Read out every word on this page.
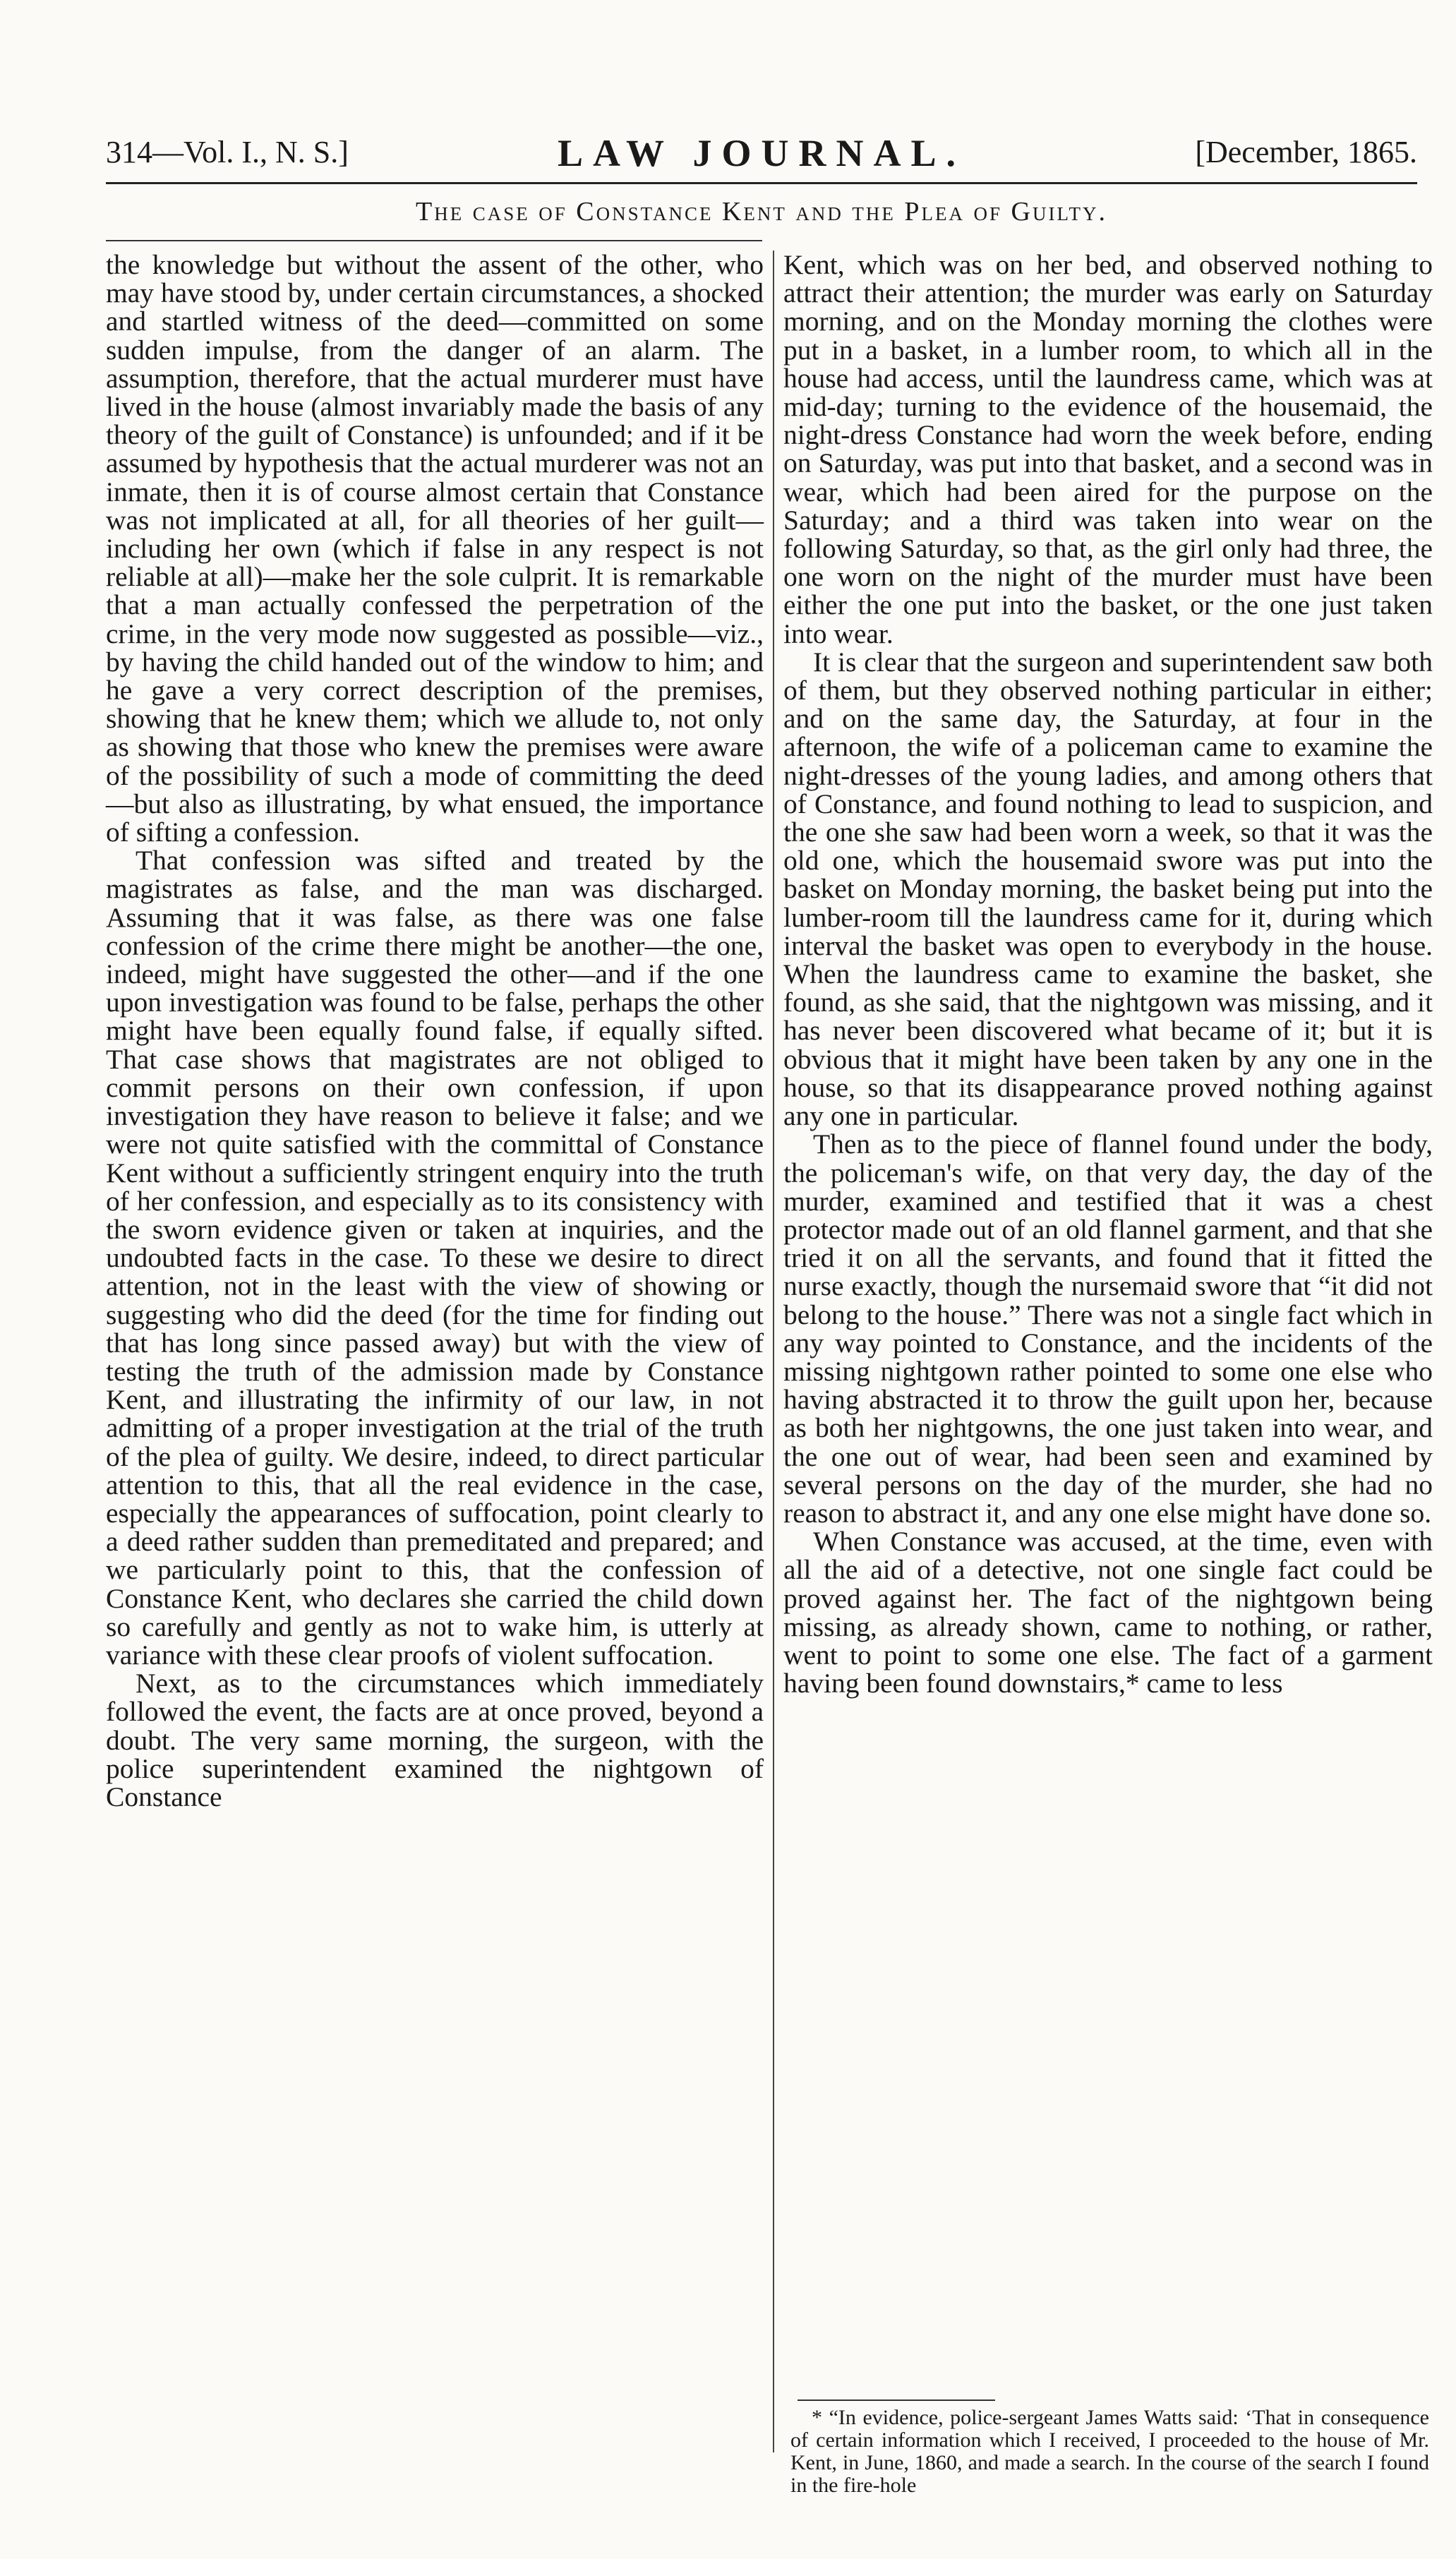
314—Vol. I., N. S.]	LAW JOURNAL.	[December, 1865.
The case of Constance Kent and the Plea of Guilty.

the knowledge but without the assent of the other, who may have stood by, under certain circumstances, a shocked and startled witness of the deed—committed on some sudden impulse, from the danger of an alarm. The assumption, therefore, that the actual murderer must have lived in the house (almost invariably made the basis of any theory of the guilt of Constance) is unfounded; and if it be assumed by hypothesis that the actual murderer was not an inmate, then it is of course almost certain that Constance was not implicated at all, for all theories of her guilt—including her own (which if false in any respect is not reliable at all)—make her the sole culprit. It is remarkable that a man actually confessed the perpetration of the crime, in the very mode now suggested as possible—viz., by having the child handed out of the window to him; and he gave a very correct description of the premises, showing that he knew them; which we allude to, not only as showing that those who knew the premises were aware of the possibility of such a mode of committing the deed—but also as illustrating, by what ensued, the importance of sifting a confession.

That confession was sifted and treated by the magistrates as false, and the man was discharged. Assuming that it was false, as there was one false confession of the crime there might be another—the one, indeed, might have suggested the other—and if the one upon investigation was found to be false, perhaps the other might have been equally found false, if equally sifted. That case shows that magistrates are not obliged to commit persons on their own confession, if upon investigation they have reason to believe it false; and we were not quite satisfied with the committal of Constance Kent without a sufficiently stringent enquiry into the truth of her confession, and especially as to its consistency with the sworn evidence given or taken at inquiries, and the undoubted facts in the case. To these we desire to direct attention, not in the least with the view of showing or suggesting who did the deed (for the time for finding out that has long since passed away) but with the view of testing the truth of the admission made by Constance Kent, and illustrating the infirmity of our law, in not admitting of a proper investigation at the trial of the truth of the plea of guilty. We desire, indeed, to direct particular attention to this, that all the real evidence in the case, especially the appearances of suffocation, point clearly to a deed rather sudden than premeditated and prepared; and we particularly point to this, that the confession of Constance Kent, who declares she carried the child down so carefully and gently as not to wake him, is utterly at variance with these clear proofs of violent suffocation.

Next, as to the circumstances which immediately followed the event, the facts are at once proved, beyond a doubt. The very same morning, the surgeon, with the police superintendent examined the nightgown of Constance

Kent, which was on her bed, and observed nothing to attract their attention; the murder was early on Saturday morning, and on the Monday morning the clothes were put in a basket, in a lumber room, to which all in the house had access, until the laundress came, which was at mid-day; turning to the evidence of the housemaid, the night-dress Constance had worn the week before, ending on Saturday, was put into that basket, and a second was in wear, which had been aired for the purpose on the Saturday; and a third was taken into wear on the following Saturday, so that, as the girl only had three, the one worn on the night of the murder must have been either the one put into the basket, or the one just taken into wear.

It is clear that the surgeon and superintendent saw both of them, but they observed nothing particular in either; and on the same day, the Saturday, at four in the afternoon, the wife of a policeman came to examine the night-dresses of the young ladies, and among others that of Constance, and found nothing to lead to suspicion, and the one she saw had been worn a week, so that it was the old one, which the housemaid swore was put into the basket on Monday morning, the basket being put into the lumber-room till the laundress came for it, during which interval the basket was open to everybody in the house. When the laundress came to examine the basket, she found, as she said, that the nightgown was missing, and it has never been discovered what became of it; but it is obvious that it might have been taken by any one in the house, so that its disappearance proved nothing against any one in particular.

Then as to the piece of flannel found under the body, the policeman's wife, on that very day, the day of the murder, examined and testified that it was a chest protector made out of an old flannel garment, and that she tried it on all the servants, and found that it fitted the nurse exactly, though the nursemaid swore that “it did not belong to the house.” There was not a single fact which in any way pointed to Constance, and the incidents of the missing nightgown rather pointed to some one else who having abstracted it to throw the guilt upon her, because as both her nightgowns, the one just taken into wear, and the one out of wear, had been seen and examined by several persons on the day of the murder, she had no reason to abstract it, and any one else might have done so.

When Constance was accused, at the time, even with all the aid of a detective, not one single fact could be proved against her. The fact of the nightgown being missing, as already shown, came to nothing, or rather, went to point to some one else. The fact of a garment having been found downstairs,* came to less

* “In evidence, police-sergeant James Watts said: ‘That in consequence of certain information which I received, I proceeded to the house of Mr. Kent, in June, 1860, and made a search. In the course of the search I found in the fire-hole
